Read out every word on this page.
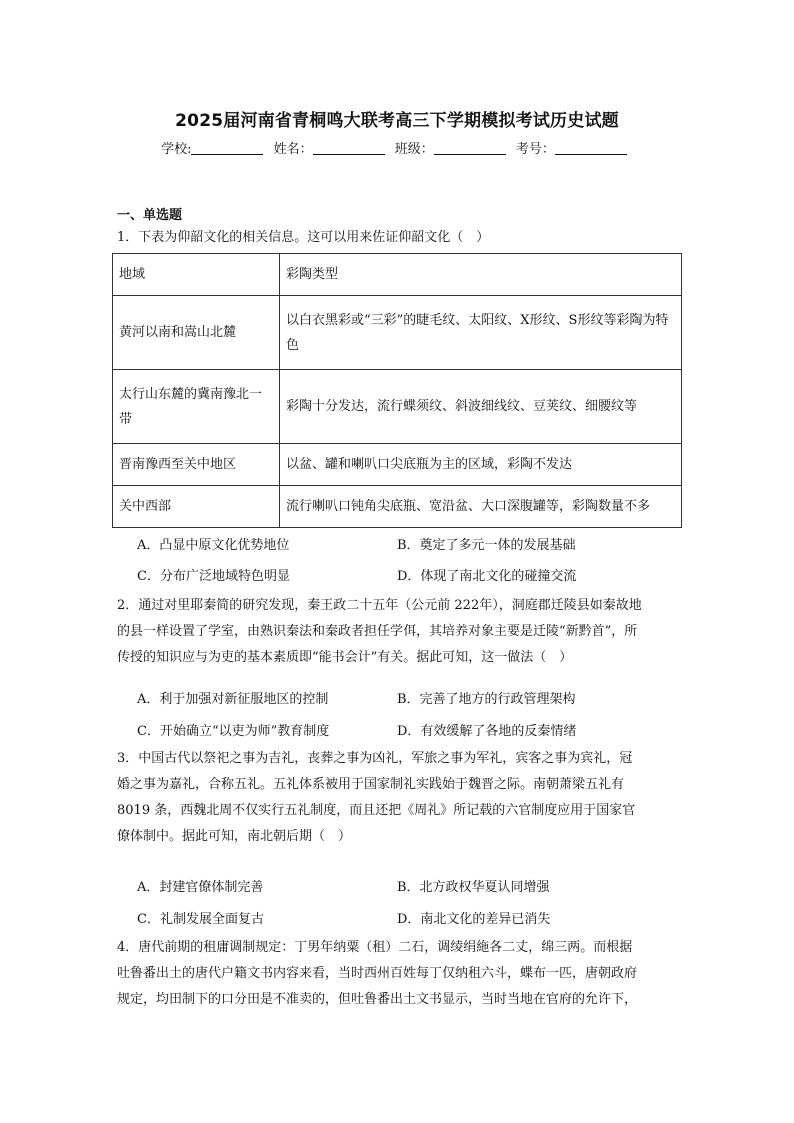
2025届河南省青桐鸣大联考高三下学期模拟考试历史试题
学校:	姓名：	班级：	考号：
一、单选题

1．下表为仰韶文化的相关信息。这可以用来佐证仰韶文化（　）

地域	彩陶类型
黄河以南和嵩山北麓	以白衣黑彩或“三彩”的睫毛纹、太阳纹、X形纹、S形纹等彩陶为特色
太行山东麓的冀南豫北一带	彩陶十分发达，流行蝶须纹、斜波细线纹、豆荚纹、细腰纹等
晋南豫西至关中地区	以盆、罐和喇叭口尖底瓶为主的区域，彩陶不发达
关中西部	流行喇叭口钝角尖底瓶、宽沿盆、大口深腹罐等，彩陶数量不多
A．凸显中原文化优势地位	B．奠定了多元一体的发展基础
C．分布广泛地域特色明显	D．体现了南北文化的碰撞交流

2．通过对里耶秦简的研究发现，秦王政二十五年（公元前 222年），洞庭郡迁陵县如秦故地

的县一样设置了学室，由熟识秦法和秦政者担任学佴，其培养对象主要是迁陵“新黔首”，所

传授的知识应与为吏的基本素质即“能书会计”有关。据此可知，这一做法（　）

A．利于加强对新征服地区的控制	B．完善了地方的行政管理架构
C．开始确立“以吏为师”教育制度	D．有效缓解了各地的反秦情绪

3．中国古代以祭祀之事为吉礼，丧葬之事为凶礼，军旅之事为军礼，宾客之事为宾礼，冠

婚之事为嘉礼，合称五礼。五礼体系被用于国家制礼实践始于魏晋之际。南朝萧梁五礼有

8019 条，西魏北周不仅实行五礼制度，而且还把《周礼》所记载的六官制度应用于国家官

僚体制中。据此可知，南北朝后期（　）

A．封建官僚体制完善	B．北方政权华夏认同增强
C．礼制发展全面复古	D．南北文化的差异已消失

4．唐代前期的租庸调制规定：丁男年纳粟（租）二石，调绫绢絁各二丈，绵三两。而根据

吐鲁番出土的唐代户籍文书内容来看，当时西州百姓每丁仅纳租六斗，蝶布一匹，唐朝政府

规定，均田制下的口分田是不准卖的，但吐鲁番出土文书显示，当时当地在官府的允许下，
